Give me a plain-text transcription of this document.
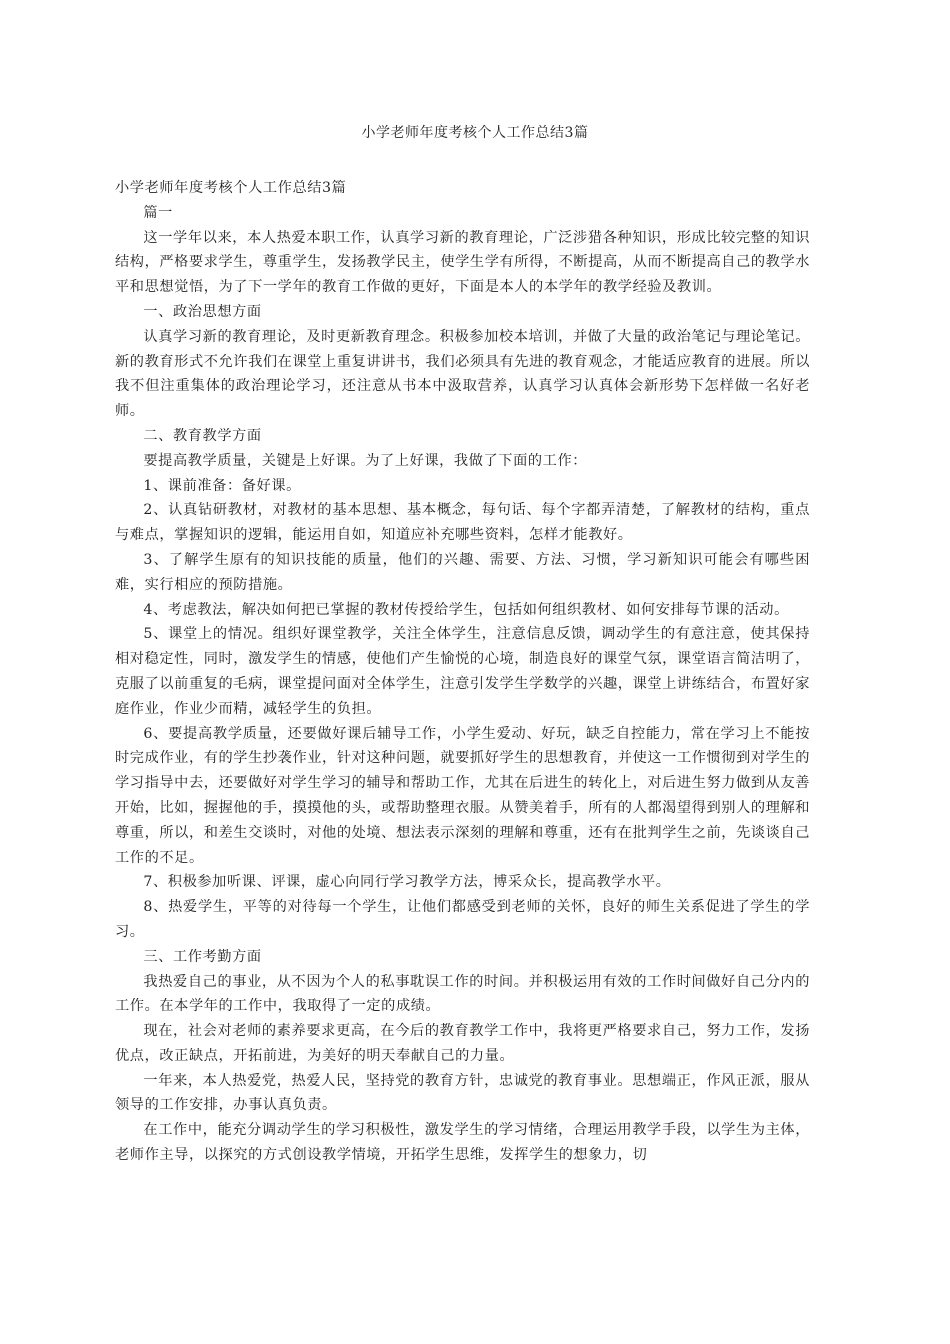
小学老师年度考核个人工作总结3篇

小学老师年度考核个人工作总结3篇

篇一

这一学年以来，本人热爱本职工作，认真学习新的教育理论，广泛涉猎各种知识，形成比较完整的知识结构，严格要求学生，尊重学生，发扬教学民主，使学生学有所得，不断提高，从而不断提高自己的教学水平和思想觉悟，为了下一学年的教育工作做的更好，下面是本人的本学年的教学经验及教训。

一、政治思想方面

认真学习新的教育理论，及时更新教育理念。积极参加校本培训，并做了大量的政治笔记与理论笔记。新的教育形式不允许我们在课堂上重复讲讲书，我们必须具有先进的教育观念，才能适应教育的进展。所以我不但注重集体的政治理论学习，还注意从书本中汲取营养，认真学习认真体会新形势下怎样做一名好老师。

二、教育教学方面

要提高教学质量，关键是上好课。为了上好课，我做了下面的工作：

1、课前准备：备好课。

2、认真钻研教材，对教材的基本思想、基本概念，每句话、每个字都弄清楚，了解教材的结构，重点与难点，掌握知识的逻辑，能运用自如，知道应补充哪些资料，怎样才能教好。

3、了解学生原有的知识技能的质量，他们的兴趣、需要、方法、习惯，学习新知识可能会有哪些困难，实行相应的预防措施。

4、考虑教法，解决如何把已掌握的教材传授给学生，包括如何组织教材、如何安排每节课的活动。

5、课堂上的情况。组织好课堂教学，关注全体学生，注意信息反馈，调动学生的有意注意，使其保持相对稳定性，同时，激发学生的情感，使他们产生愉悦的心境，制造良好的课堂气氛，课堂语言简洁明了，克服了以前重复的毛病，课堂提问面对全体学生，注意引发学生学数学的兴趣，课堂上讲练结合，布置好家庭作业，作业少而精，减轻学生的负担。

6、要提高教学质量，还要做好课后辅导工作，小学生爱动、好玩，缺乏自控能力，常在学习上不能按时完成作业，有的学生抄袭作业，针对这种问题，就要抓好学生的思想教育，并使这一工作惯彻到对学生的学习指导中去，还要做好对学生学习的辅导和帮助工作，尤其在后进生的转化上，对后进生努力做到从友善开始，比如，握握他的手，摸摸他的头，或帮助整理衣服。从赞美着手，所有的人都渴望得到别人的理解和尊重，所以，和差生交谈时，对他的处境、想法表示深刻的理解和尊重，还有在批判学生之前，先谈谈自己工作的不足。

7、积极参加听课、评课，虚心向同行学习教学方法，博采众长，提高教学水平。

8、热爱学生，平等的对待每一个学生，让他们都感受到老师的关怀，良好的师生关系促进了学生的学习。

三、工作考勤方面

我热爱自己的事业，从不因为个人的私事耽误工作的时间。并积极运用有效的工作时间做好自己分内的工作。在本学年的工作中，我取得了一定的成绩。

现在，社会对老师的素养要求更高，在今后的教育教学工作中，我将更严格要求自己，努力工作，发扬优点，改正缺点，开拓前进，为美好的明天奉献自己的力量。

一年来，本人热爱党，热爱人民，坚持党的教育方针，忠诚党的教育事业。思想端正，作风正派，服从领导的工作安排，办事认真负责。

在工作中，能充分调动学生的学习积极性，激发学生的学习情绪，合理运用教学手段，以学生为主体，老师作主导，以探究的方式创设教学情境，开拓学生思维，发挥学生的想象力，切
